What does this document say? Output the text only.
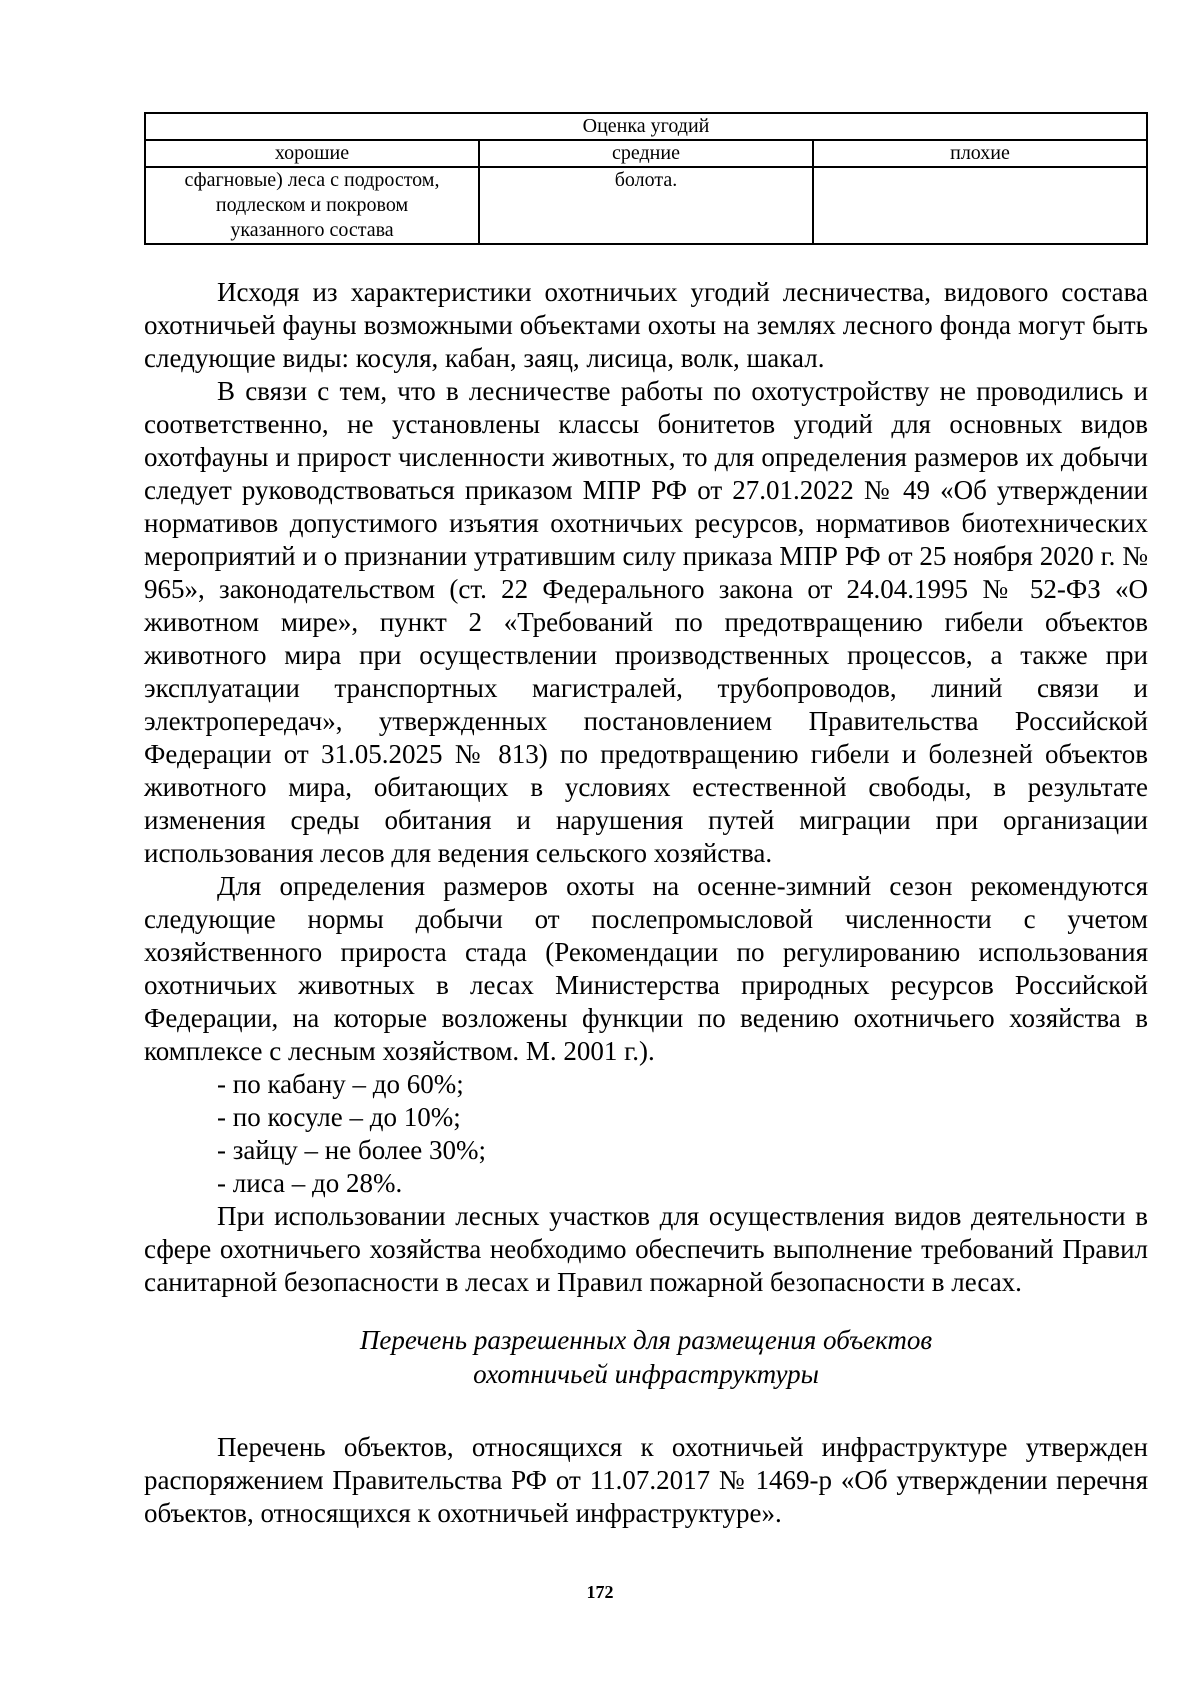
Оценка угодий		
хорошие	средние	плохие

сфагновые) леса с подростом,
подлеском и покровом
указанного состава	болота.	

Исходя из характеристики охотничьих угодий лесничества, видового состава охотничьей фауны возможными объектами охоты на землях лесного фонда могут быть следующие виды: косуля, кабан, заяц, лисица, волк, шакал.

В связи с тем, что в лесничестве работы по охотустройству не проводились и соответственно, не установлены классы бонитетов угодий для основных видов охотфауны и прирост численности животных, то для определения размеров их добычи следует руководствоваться приказом МПР РФ от 27.01.2022 № 49 «Об утверждении нормативов допустимого изъятия охотничьих ресурсов, нормативов биотехнических мероприятий и о признании утратившим силу приказа МПР РФ от 25 ноября 2020 г. № 965», законодательством (ст. 22 Федерального закона от 24.04.1995 № 52-ФЗ «О животном мире», пункт 2 «Требований по предотвращению гибели объектов животного мира при осуществлении производственных процессов, а также при эксплуатации транспортных магистралей, трубопроводов, линий связи и электропередач», утвержденных постановлением Правительства Российской Федерации от 31.05.2025 № 813) по предотвращению гибели и болезней объектов животного мира, обитающих в условиях естественной свободы, в результате изменения среды обитания и нарушения путей миграции при организации использования лесов для ведения сельского хозяйства.

Для определения размеров охоты на осенне-зимний сезон рекомендуются следующие нормы добычи от послепромысловой численности с учетом хозяйственного прироста стада (Рекомендации по регулированию использования охотничьих животных в лесах Министерства природных ресурсов Российской Федерации, на которые возложены функции по ведению охотничьего хозяйства в комплексе с лесным хозяйством. М. 2001 г.).

- по кабану – до 60%;

- по косуле – до 10%;

- зайцу – не более 30%;

- лиса – до 28%.

При использовании лесных участков для осуществления видов деятельности в сфере охотничьего хозяйства необходимо обеспечить выполнение требований Правил санитарной безопасности в лесах и Правил пожарной безопасности в лесах.

Перечень разрешенных для размещения объектов
охотничьей инфраструктуры

Перечень объектов, относящихся к охотничьей инфраструктуре утвержден распоряжением Правительства РФ от 11.07.2017 № 1469-р «Об утверждении перечня объектов, относящихся к охотничьей инфраструктуре».

172
